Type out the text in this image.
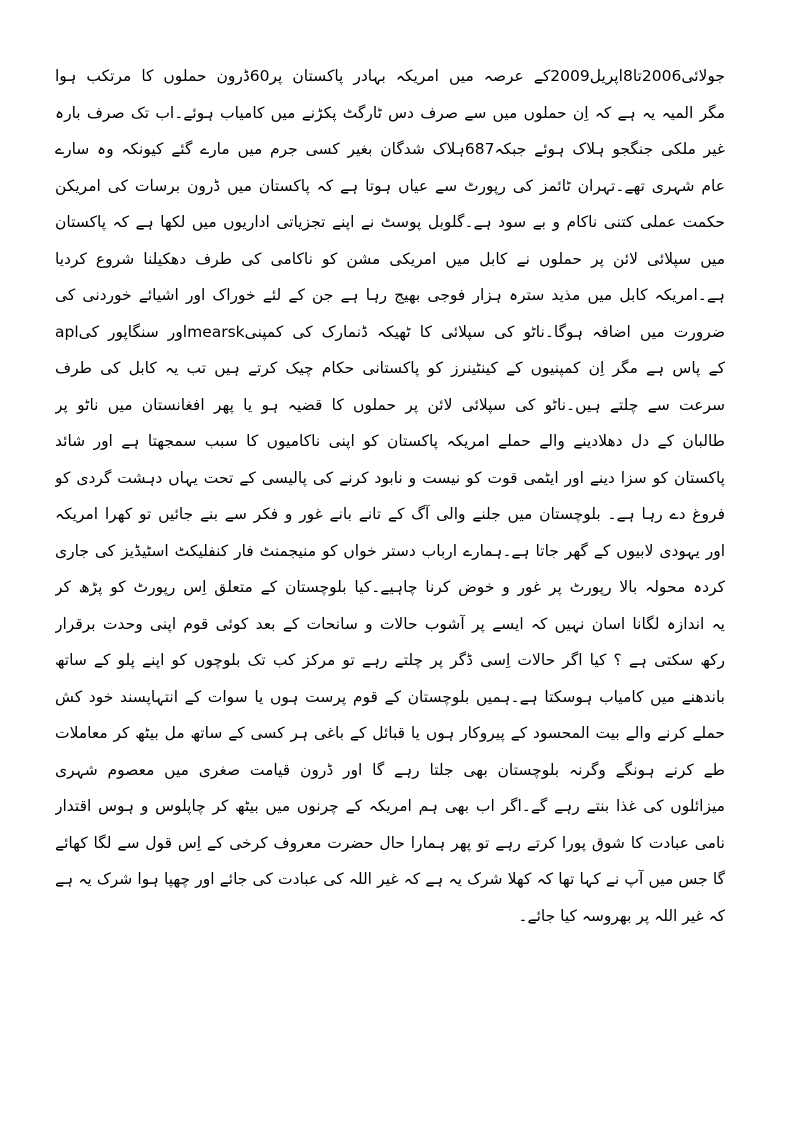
جولائی2006تا8اپریل2009کے عرصہ میں امریکہ بہادر پاکستان پر60ڈرون حملوں کا مرتکب ہوا
مگر المیہ یہ ہے کہ اِن حملوں میں سے صرف دس ٹارگٹ پکڑنے میں کامیاب ہوئے۔اب تک صرف بارہ
غیر ملکی جنگجو ہلاک ہوئے جبکہ687ہلاک شدگان بغیر کسی جرم میں مارے گئے کیونکہ وہ سارے
عام شہری تھے۔تہران ٹائمز کی رپورٹ سے عیاں ہوتا ہے کہ پاکستان میں ڈرون برسات کی امریکن
حکمت عملی کتنی ناکام و بے سود ہے۔گلوبل پوسٹ نے اپنے تجزیاتی اداریوں میں لکھا ہے کہ پاکستان
میں سپلائی لائن پر حملوں نے کابل میں امریکی مشن کو ناکامی کی طرف دھکیلنا شروع کردیا
ہے۔امریکہ کابل میں مذید سترہ ہزار فوجی بھیج رہا ہے جن کے لئے خوراک اور اشیائے خوردنی کی
ضرورت میں اضافہ ہوگا۔ناٹو کی سپلائی کا ٹھیکہ ڈنمارک کی کمپنیmearskاور سنگاپور کیapl
کے پاس ہے مگر اِن کمپنیوں کے کینٹینرز کو پاکستانی حکام چیک کرتے ہیں تب یہ کابل کی طرف
سرعت سے چلتے ہیں۔ناٹو کی سپلائی لائن پر حملوں کا قضیہ ہو یا پھر افغانستان میں ناٹو پر
طالبان کے دل دھلادینے والے حملے امریکہ پاکستان کو اپنی ناکامیوں کا سبب سمجھتا ہے اور شائد
پاکستان کو سزا دینے اور ایٹمی قوت کو نیست و نابود کرنے کی پالیسی کے تحت یہاں دہشت گردی کو
فروغ دے رہا ہے۔ بلوچستان میں جلنے والی آگ کے تانے بانے غور و فکر سے بنے جائیں تو کھرا امریکہ
اور یہودی لابیوں کے گھر جاتا ہے۔ہمارے ارباب دستر خواں کو منیجمنٹ فار کنفلیکٹ اسٹیڈیز کی جاری
کردہ محولہ بالا رپورٹ پر غور و خوض کرنا چاہیے۔کیا بلوچستان کے متعلق اِس رپورٹ کو پڑھ کر
یہ اندازہ لگانا اسان نہیں کہ ایسے پر آشوب حالات و سانحات کے بعد کوئی قوم اپنی وحدت برقرار
رکھ سکتی ہے ؟ کیا اگر حالات اِسی ڈگر پر چلتے رہے تو مرکز کب تک بلوچوں کو اپنے پلو کے ساتھ
باندھنے میں کامیاب ہوسکتا ہے۔ہمیں بلوچستان کے قوم پرست ہوں یا سوات کے انتہاپسند خود کش
حملے کرنے والے بیت المحسود کے پیروکار ہوں یا قبائل کے باغی ہر کسی کے ساتھ مل بیٹھ کر معاملات
طے کرنے ہونگے وگرنہ بلوچستان بھی جلتا رہے گا اور ڈرون قیامت صغری میں معصوم شہری
میزائلوں کی غذا بنتے رہے گے۔اگر اب بھی ہم امریکہ کے چرنوں میں بیٹھ کر چاپلوس و ہوس اقتدار
نامی عبادت کا شوق پورا کرتے رہے تو پھر ہمارا حال حضرت معروف کرخی کے اِس قول سے لگا کھائے
گا جس میں آپ نے کہا تھا کہ کھلا شرک یہ ہے کہ غیر اللہ کی عبادت کی جائے اور چھپا ہوا شرک یہ ہے
کہ غیر اللہ پر بھروسہ کیا جائے۔
